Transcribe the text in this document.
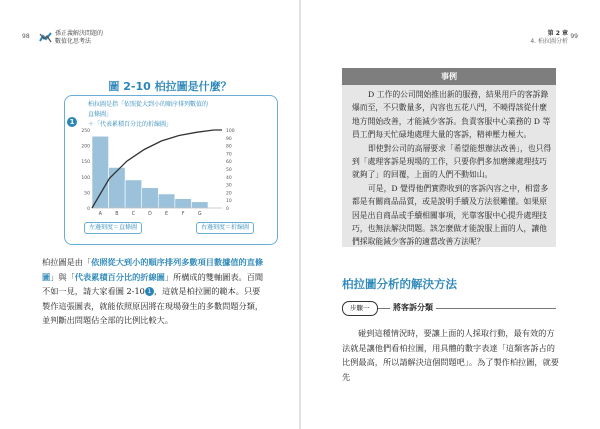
98	孫正義解決問題的
數值化思考法
圖 2-10 柏拉圖是什麼？
柏拉圖是指「依照從大到小的順序排列數值的直條圖」
＋「代表累積百分比的折線圖」
1
250
200
150
100
50
0
100
90
80
70
60
50
40
30
20
10
0
A	B	C	D	E	F	G
左邊刻度＝直條圖	右邊刻度＝折線圖

柏拉圖是由「依照從大到小的順序排列多數項目數據值的直條圖」與「代表累積百分比的折線圖」所構成的雙軸圖表。百聞不如一見，請大家看圖 2-10 1 ，這就是柏拉圖的範本。只要製作這張圖表，就能依照原因將在現場發生的多數問題分類，並判斷出問題佔全部的比例比較大。

第 2 章
4. 柏拉圖分析
99
事例

D 工作的公司開始推出新的服務，結果用戶的客訴錄爆而至，不只數量多，內容也五花八門，不曉得該從什麼地方開始改善，才能減少客訴。負責客服中心業務的 D 等員工們每天忙碌地處理大量的客訴，精神壓力極大。

即使對公司的高層要求「希望能想辦法改善」，也只得到「處理客訴是現場的工作，只要你們多加磨練處理技巧就夠了」的回覆，上面的人們不動如山。

可是，D 覺得他們實際收到的客訴內容之中，相當多都是有關商品品質，或是說明手續及方法很難懂。如果原因是出自商品或手續相關事項，光靠客服中心提升處理技巧，也無法解決問題。該怎麼做才能說服上面的人，讓他們採取能減少客訴的適當改善方法呢？

柏拉圖分析的解決方法
步驟一	將客訴分類

碰到這種情況時，要讓上面的人採取行動，最有效的方法就是讓他們看柏拉圖，用具體的數字表達「這類客訴占的比例最高，所以請解決這個問題吧」。為了製作柏拉圖，就要先
